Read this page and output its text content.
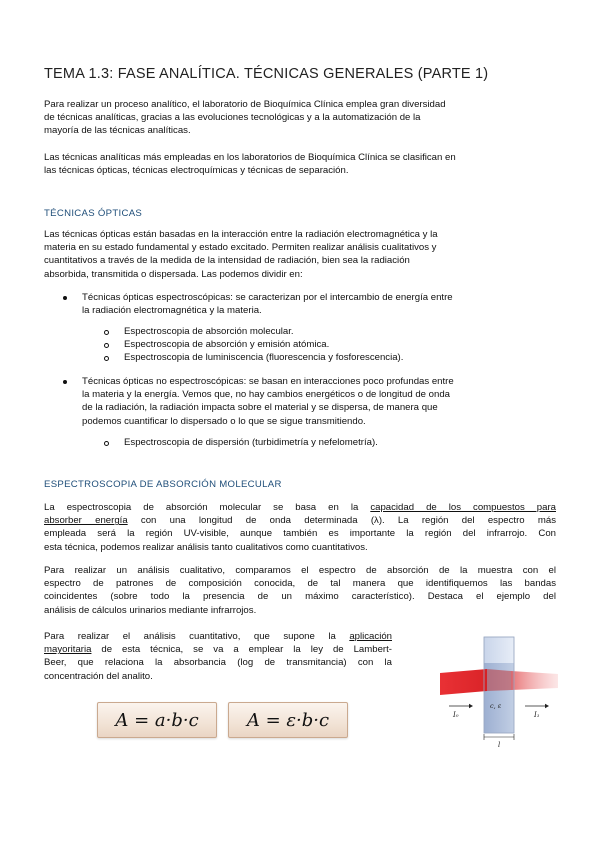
TEMA 1.3: FASE ANALÍTICA. TÉCNICAS GENERALES (PARTE 1)
Para realizar un proceso analítico, el laboratorio de Bioquímica Clínica emplea gran diversidad
de técnicas analíticas, gracias a las evoluciones tecnológicas y a la automatización de la
mayoría de las técnicas analíticas.
Las técnicas analíticas más empleadas en los laboratorios de Bioquímica Clínica se clasifican en
las técnicas ópticas, técnicas electroquímicas y técnicas de separación.
TÉCNICAS ÓPTICAS
Las técnicas ópticas están basadas en la interacción entre la radiación electromagnética y la
materia en su estado fundamental y estado excitado. Permiten realizar análisis cualitativos y
cuantitativos a través de la medida de la intensidad de radiación, bien sea la radiación
absorbida, transmitida o dispersada. Las podemos dividir en:
Técnicas ópticas espectroscópicas: se caracterizan por el intercambio de energía entre
la radiación electromagnética y la materia.
Espectroscopia de absorción molecular.
Espectroscopia de absorción y emisión atómica.
Espectroscopia de luminiscencia (fluorescencia y fosforescencia).
Técnicas ópticas no espectroscópicas: se basan en interacciones poco profundas entre
la materia y la energía. Vemos que, no hay cambios energéticos o de longitud de onda
de la radiación, la radiación impacta sobre el material y se dispersa, de manera que
podemos cuantificar lo dispersado o lo que se sigue transmitiendo.
Espectroscopia de dispersión (turbidimetría y nefelometría).
ESPECTROSCOPIA DE ABSORCIÓN MOLECULAR
La espectroscopia de absorción molecular se basa en la capacidad de los compuestos para
absorber energía con una longitud de onda determinada (λ). La región del espectro más
empleada será la región UV-visible, aunque también es importante la región del infrarrojo. Con
esta técnica, podemos realizar análisis tanto cualitativos como cuantitativos.
Para realizar un análisis cualitativo, comparamos el espectro de absorción de la muestra con el
espectro de patrones de composición conocida, de tal manera que identifiquemos las bandas
coincidentes (sobre todo la presencia de un máximo característico). Destaca el ejemplo del
análisis de cálculos urinarios mediante infrarrojos.
Para realizar el análisis cuantitativo, que supone la aplicación
mayoritaria de esta técnica, se va a emplear la ley de Lambert-
Beer, que relaciona la absorbancia (log de transmitancia) con la
concentración del analito.
A = a·b·c	A = ε·b·c	I₀	I₁
c, ε
l
